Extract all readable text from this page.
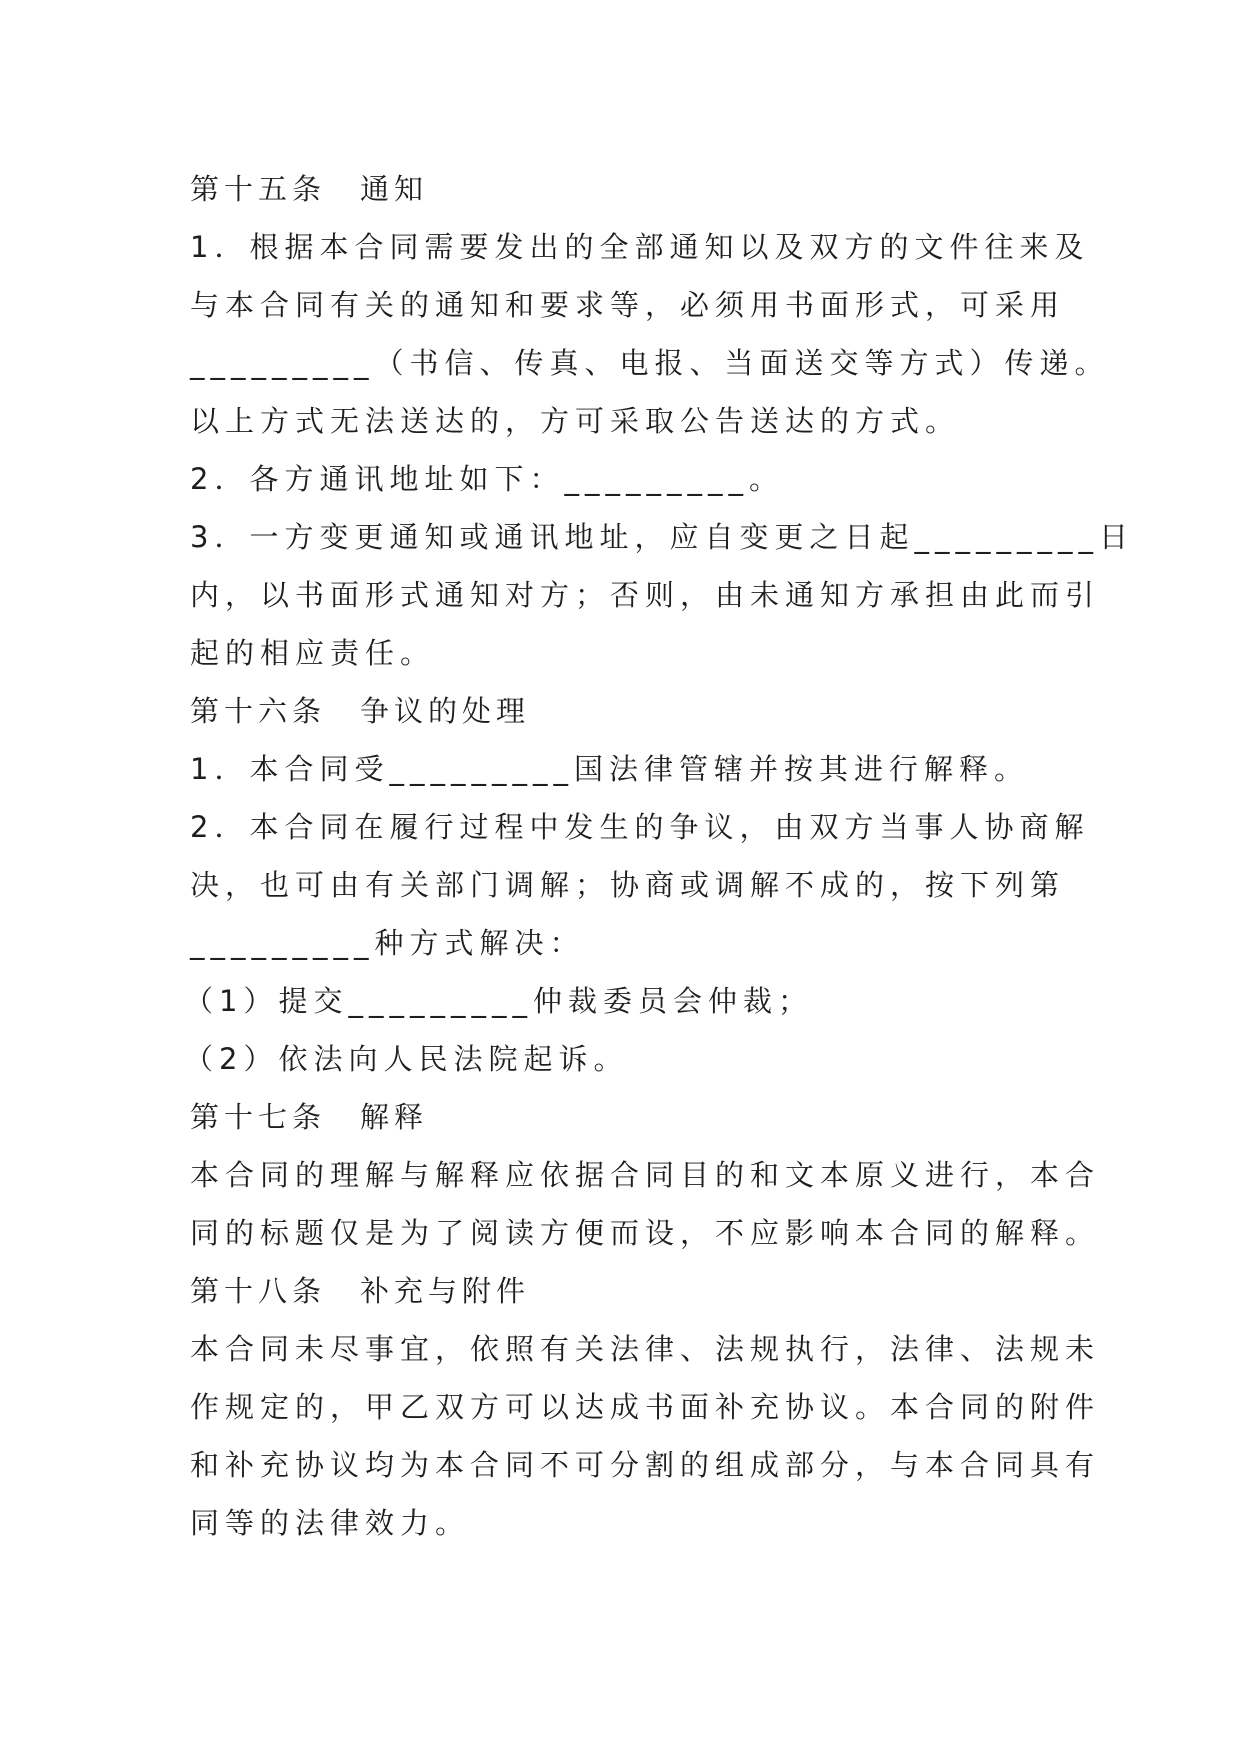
第十五条　通知
1．根据本合同需要发出的全部通知以及双方的文件往来及
与本合同有关的通知和要求等，必须用书面形式，可采用
_________（书信、传真、电报、当面送交等方式）传递。
以上方式无法送达的，方可采取公告送达的方式。
2．各方通讯地址如下：_________。
3．一方变更通知或通讯地址，应自变更之日起_________日
内，以书面形式通知对方；否则，由未通知方承担由此而引
起的相应责任。
第十六条　争议的处理
1．本合同受_________国法律管辖并按其进行解释。
2．本合同在履行过程中发生的争议，由双方当事人协商解
决，也可由有关部门调解；协商或调解不成的，按下列第
_________种方式解决：
（1）提交_________仲裁委员会仲裁；
（2）依法向人民法院起诉。
第十七条　解释
本合同的理解与解释应依据合同目的和文本原义进行，本合
同的标题仅是为了阅读方便而设，不应影响本合同的解释。
第十八条　补充与附件
本合同未尽事宜，依照有关法律、法规执行，法律、法规未
作规定的，甲乙双方可以达成书面补充协议。本合同的附件
和补充协议均为本合同不可分割的组成部分，与本合同具有
同等的法律效力。
